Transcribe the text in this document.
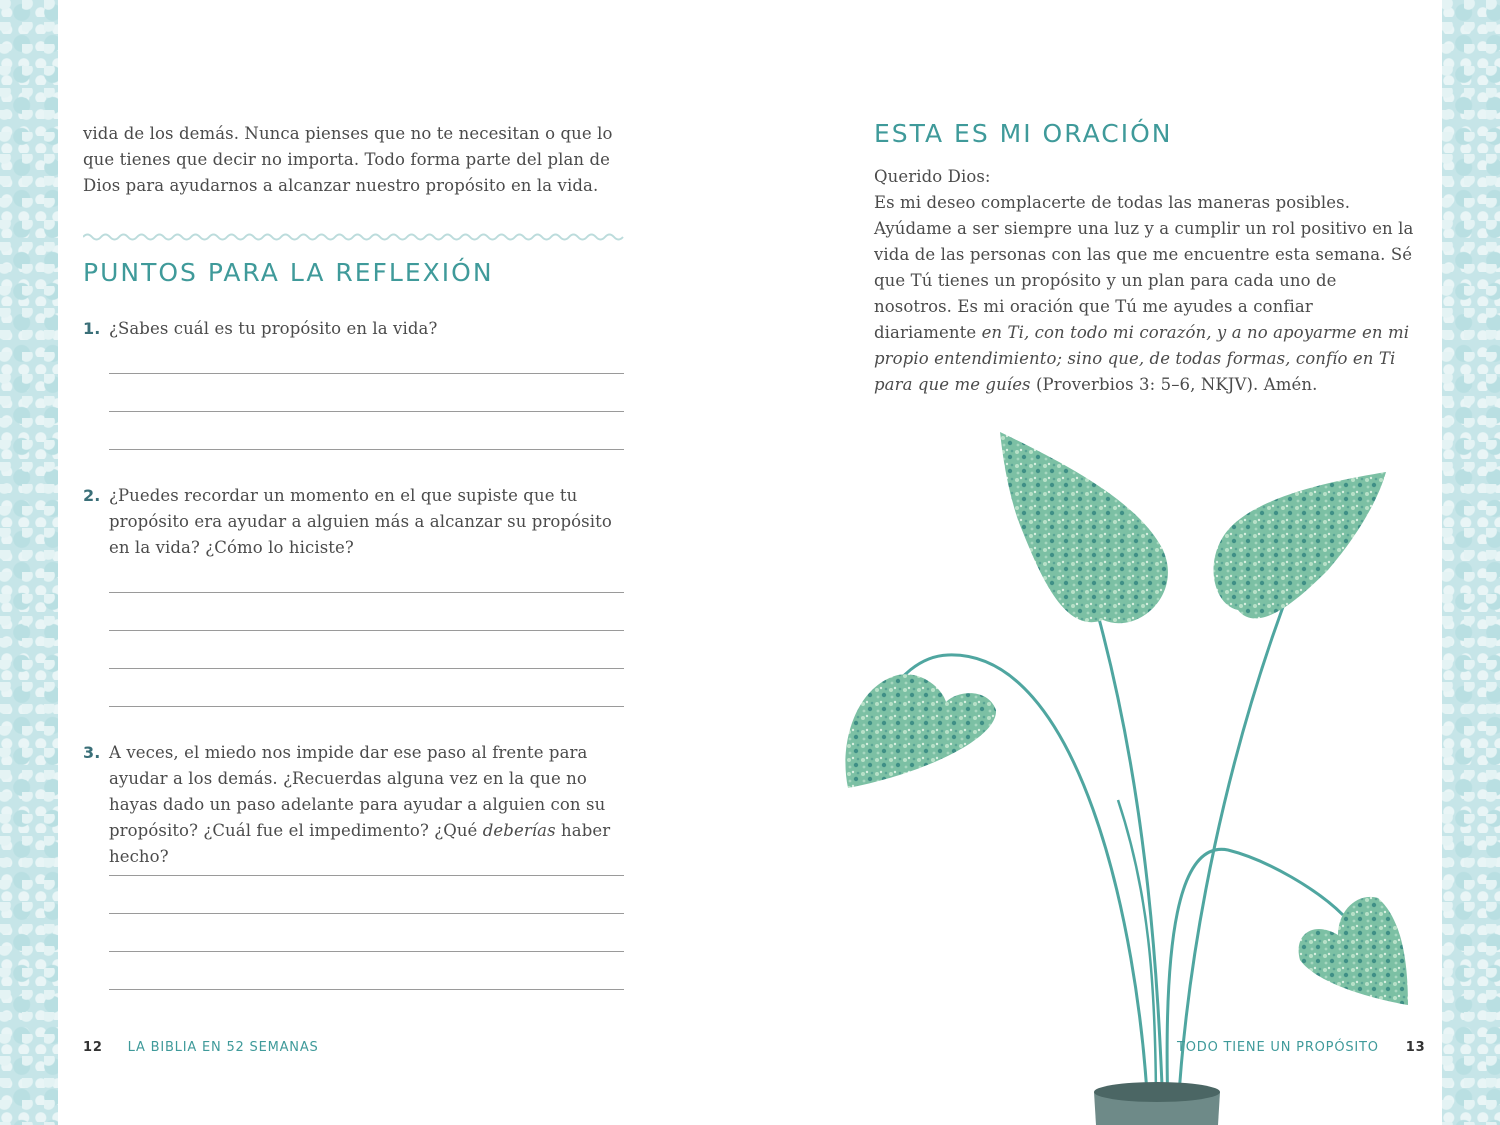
vida de los demás. Nunca pienses que no te necesitan o que lo que tienes que decir no importa. Todo forma parte del plan de Dios para ayudarnos a alcanzar nuestro propósito en la vida.
PUNTOS PARA LA REFLEXIÓN
1. ¿Sabes cuál es tu propósito en la vida?
2. ¿Puedes recordar un momento en el que supiste que tu propósito era ayudar a alguien más a alcanzar su propósito en la vida? ¿Cómo lo hiciste?
3. A veces, el miedo nos impide dar ese paso al frente para ayudar a los demás. ¿Recuerdas alguna vez en la que no hayas dado un paso adelante para ayudar a alguien con su propósito? ¿Cuál fue el impedimento? ¿Qué deberías haber hecho?
12 LA BIBLIA EN 52 SEMANAS
ESTA ES MI ORACIÓN

Querido Dios:

Es mi deseo complacerte de todas las maneras posibles. Ayúdame a ser siempre una luz y a cumplir un rol positivo en la vida de las personas con las que me encuentre esta semana. Sé que Tú tienes un propósito y un plan para cada uno de nosotros. Es mi oración que Tú me ayudes a confiar diariamente en Ti, con todo mi corazón, y a no apoyarme en mi propio entendimiento; sino que, de todas formas, confío en Ti para que me guíes (Proverbios 3: 5–6, NKJV). Amén.

TODO TIENE UN PROPÓSITO 13
